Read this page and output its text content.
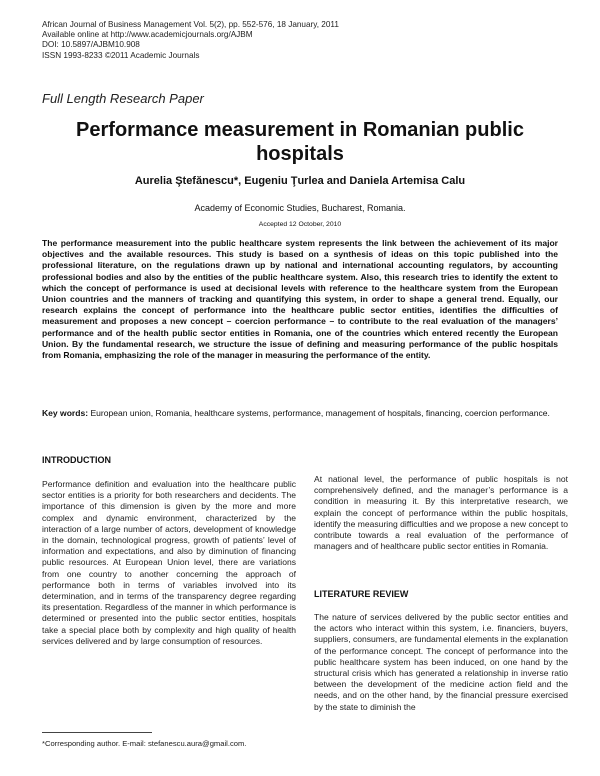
African Journal of Business Management Vol. 5(2), pp. 552-576, 18 January, 2011
Available online at http://www.academicjournals.org/AJBM
DOI: 10.5897/AJBM10.908
ISSN 1993-8233 ©2011 Academic Journals
Full Length Research Paper
Performance measurement in Romanian public
hospitals
Aurelia Ştefănescu*, Eugeniu Ţurlea and Daniela Artemisa Calu
Academy of Economic Studies, Bucharest, Romania.
Accepted 12 October, 2010

The performance measurement into the public healthcare system represents the link between the achievement of its major objectives and the available resources. This study is based on a synthesis of ideas on this topic published into the professional literature, on the regulations drawn up by national and international accounting regulators, by accounting professional bodies and also by the entities of the public healthcare system. Also, this research tries to identify the extent to which the concept of performance is used at decisional levels with reference to the healthcare system from the European Union countries and the manners of tracking and quantifying this system, in order to shape a general trend. Equally, our research explains the concept of performance into the healthcare public sector entities, identifies the difficulties of measurement and proposes a new concept – coercion performance – to contribute to the real evaluation of the managers’ performance and of the health public sector entities in Romania, one of the countries which entered recently the European Union. By the fundamental research, we structure the issue of defining and measuring performance of the public hospitals from Romania, emphasizing the role of the manager in measuring the performance of the entity.

Key words: European union, Romania, healthcare systems, performance, management of hospitals, financing, coercion performance.

INTRODUCTION

Performance definition and evaluation into the healthcare public sector entities is a priority for both researchers and decidents. The importance of this dimension is given by the more and more complex and dynamic environment, characterized by the interaction of a large number of actors, development of knowledge in the domain, technological progress, growth of patients’ level of information and expectations, and also by diminution of financing public resources. At European Union level, there are variations from one country to another concerning the approach of performance both in terms of variables involved into its determination, and in terms of the transparency degree regarding its presentation. Regardless of the manner in which performance is determined or presented into the public sector entities, hospitals take a special place both by complexity and high quality of health services delivered and by large consumption of resources.

At national level, the performance of public hospitals is not comprehensively defined, and the manager’s performance is a condition in measuring it. By this interpretative research, we explain the concept of performance within the public hospitals, identify the measuring difficulties and we propose a new concept to contribute towards a real evaluation of the performance of managers and of healthcare public sector entities in Romania.

LITERATURE REVIEW

The nature of services delivered by the public sector entities and the actors who interact within this system, i.e. financiers, buyers, suppliers, consumers, are fundamental elements in the explanation of the performance concept. The concept of performance into the public healthcare system has been induced, on one hand by the structural crisis which has generated a relationship in inverse ratio between the development of the medicine action field and the needs, and on the other hand, by the financial pressure exercised by the state to diminish the

*Corresponding author. E-mail: stefanescu.aura@gmail.com.
